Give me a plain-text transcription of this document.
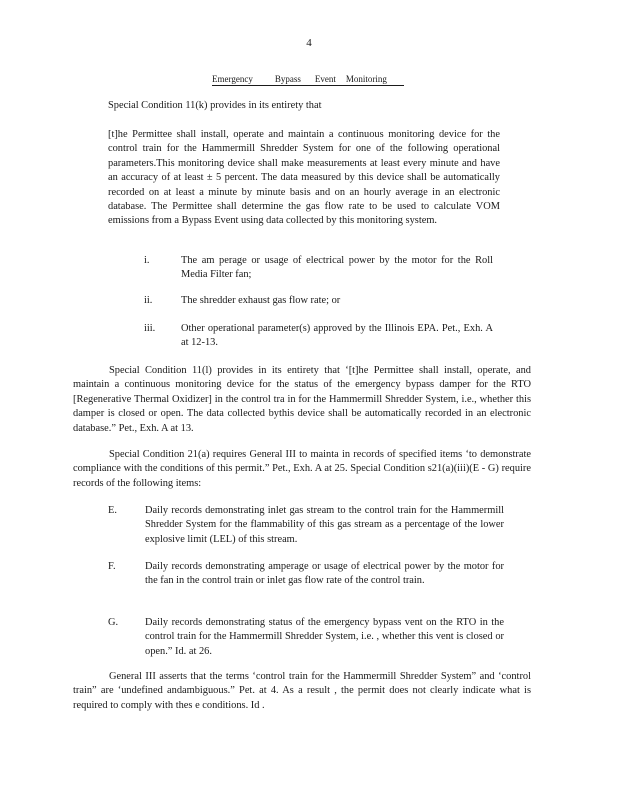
4
Emergency Bypass Event Monitoring

Special Condition 11(k) provides in its entirety that

[t]he Permittee shall install, operate and maintain a continuous monitoring device for the control train for the Hammermill Shredder System for one of the following operational parameters.This monitoring device shall make measurements at least every minute and have an accuracy of at least ± 5 percent. The data measured by this device shall be automatically recorded on at least a minute by minute basis and on an hourly average in an electronic database. The Permittee shall determine the gas flow rate to be used to calculate VOM emissions from a Bypass Event using data collected by this monitoring system.

i.	The am perage or usage of electrical power by the motor for the Roll Media Filter fan;
ii.	The shredder exhaust gas flow rate; or
iii.	Other operational parameter(s) approved by the Illinois EPA. Pet., Exh. A at 12-13.

Special Condition 11(l) provides in its entirety that ‘[t]he Permittee shall install, operate, and maintain a continuous monitoring device for the status of the emergency bypass damper for the RTO [Regenerative Thermal Oxidizer] in the control tra in for the Hammermill Shredder System, i.e., whether this damper is closed or open. The data collected bythis device shall be automatically recorded in an electronic database.” Pet., Exh. A at 13.

Special Condition 21(a) requires General III to mainta in records of specified items ‘to demonstrate compliance with the conditions of this permit.” Pet., Exh. A at 25. Special Condition s21(a)(iii)(E - G) require records of the following items:

E.	Daily records demonstrating inlet gas stream to the control train for the Hammermill Shredder System for the flammability of this gas stream as a percentage of the lower explosive limit (LEL) of this stream.
F.	Daily records demonstrating amperage or usage of electrical power by the motor for the fan in the control train or inlet gas flow rate of the control train.
G.	Daily records demonstrating status of the emergency bypass vent on the RTO in the control train for the Hammermill Shredder System, i.e. , whether this vent is closed or open.” Id. at 26.

General III asserts that the terms ‘control train for the Hammermill Shredder System” and ‘control train” are ‘undefined andambiguous.” Pet. at 4. As a result , the permit does not clearly indicate what is required to comply with thes e conditions. Id .
